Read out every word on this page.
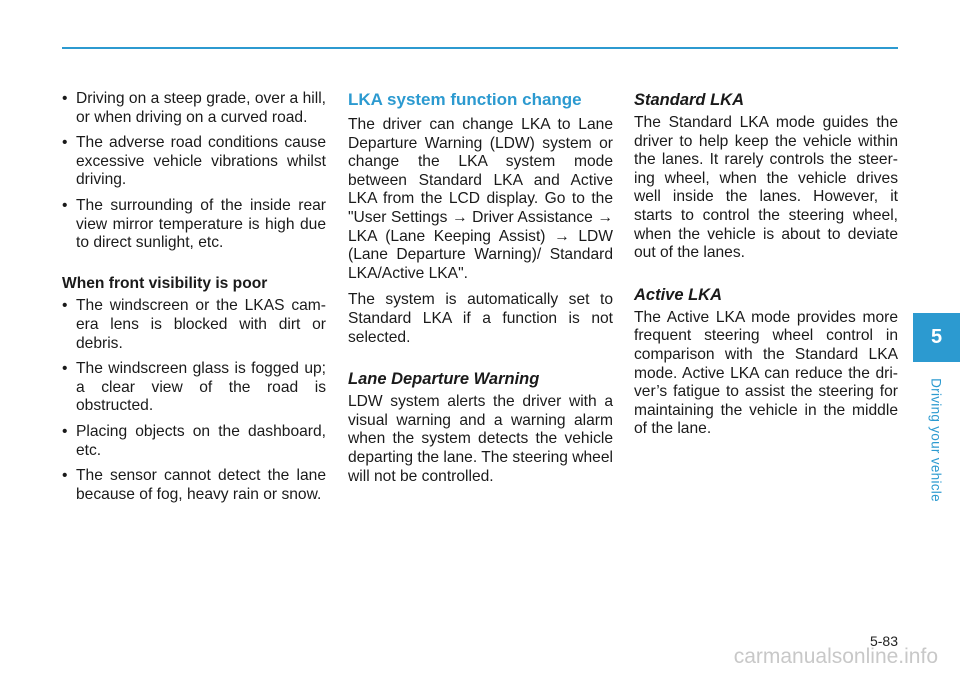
• Driving on a steep grade, over a hill, or when driving on a curved road.
• The adverse road conditions cause excessive vehicle vibrations whilst driving.
• The surrounding of the inside rear view mirror temperature is high due to direct sunlight, etc.
When front visibility is poor
• The windscreen or the LKAS cam-era lens is blocked with dirt or debris.
• The windscreen glass is fogged up; a clear view of the road is obstructed.
• Placing objects on the dashboard, etc.
• The sensor cannot detect the lane because of fog, heavy rain or snow.
LKA system function change

The driver can change LKA to Lane Departure Warning (LDW) system or change the LKA system mode between Standard LKA and Active LKA from the LCD display. Go to the "User Settings → Driver Assistance → LKA (Lane Keeping Assist) → LDW (Lane Departure Warning)/ Standard LKA/Active LKA".

The system is automatically set to Standard LKA if a function is not selected.

Lane Departure Warning

LDW system alerts the driver with a visual warning and a warning alarm when the system detects the vehicle departing the lane. The steering wheel will not be controlled.

Standard LKA

The Standard LKA mode guides the driver to help keep the vehicle within the lanes. It rarely controls the steer-ing wheel, when the vehicle drives well inside the lanes. However, it starts to control the steering wheel, when the vehicle is about to deviate out of the lanes.

Active LKA

The Active LKA mode provides more frequent steering wheel control in comparison with the Standard LKA mode. Active LKA can reduce the dri-ver’s fatigue to assist the steering for maintaining the vehicle in the middle of the lane.

5
Driving your vehicle
5-83
carmanualsonline.info
